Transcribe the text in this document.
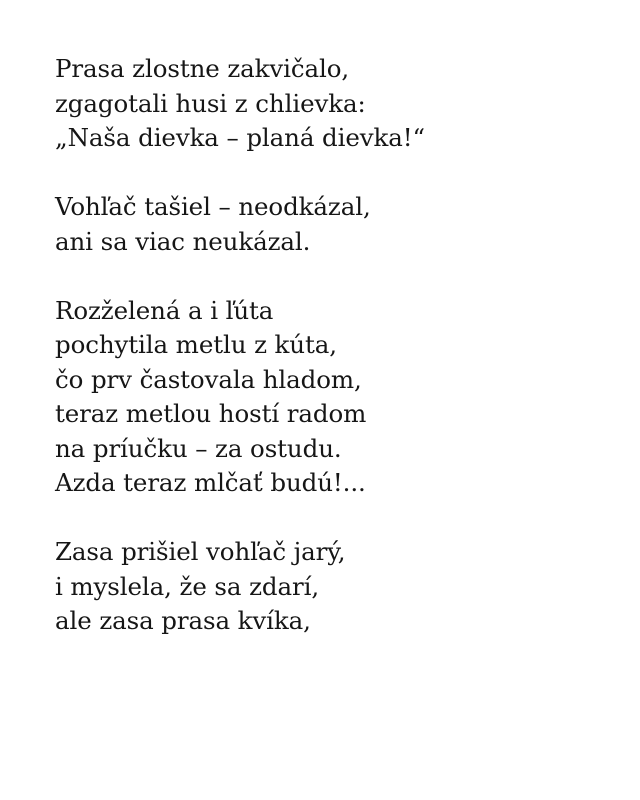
Prasa zlostne zakvičalo,
zgagotali husi z chlievka:
„Naša dievka – planá dievka!“
Vohľač tašiel – neodkázal,
ani sa viac neukázal.
Rozželená a i ľúta
pochytila metlu z kúta,
čo prv častovala hladom,
teraz metlou hostí radom
na príučku – za ostudu.
Azda teraz mlčať budú!...
Zasa prišiel vohľač jarý,
i myslela, že sa zdarí,
ale zasa prasa kvíka,
